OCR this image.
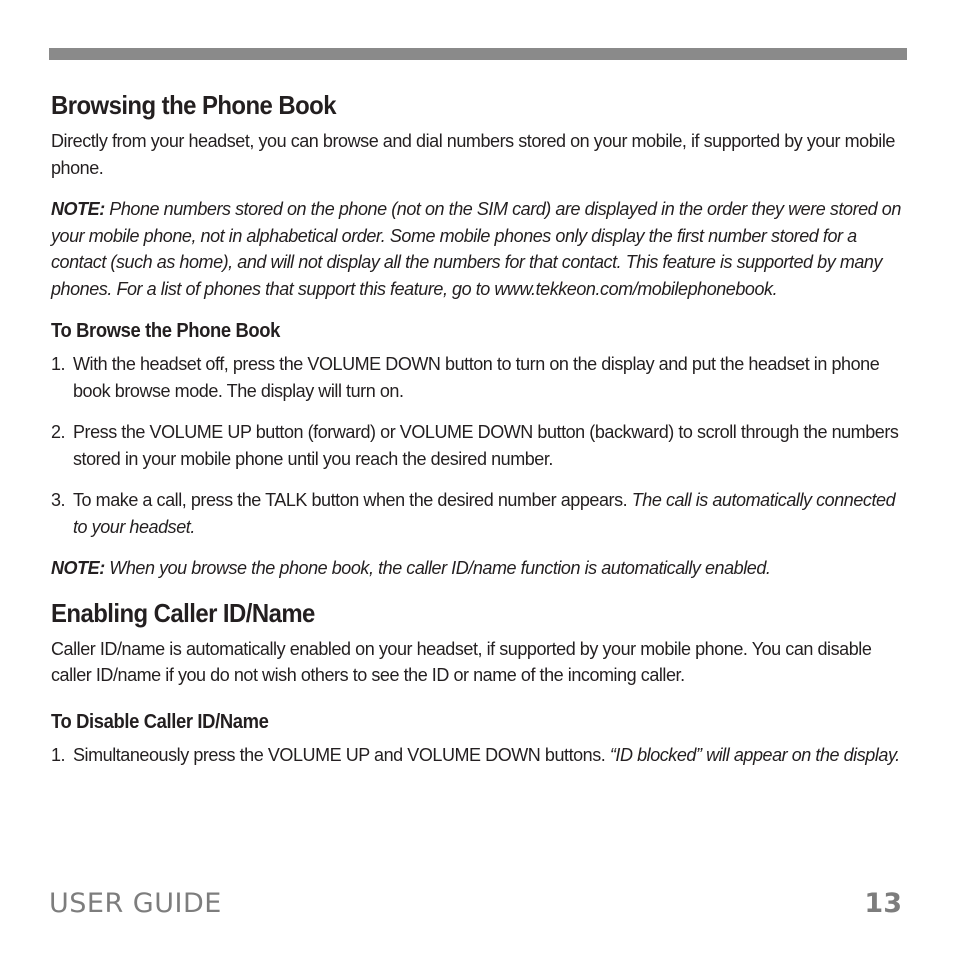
Browsing the Phone Book

Directly from your headset, you can browse and dial numbers stored on your mobile, if supported by your mobile phone.

NOTE: Phone numbers stored on the phone (not on the SIM card) are displayed in the order they were stored on your mobile phone, not in alphabetical order. Some mobile phones only display the first number stored for a contact (such as home), and will not display all the numbers for that contact. This feature is supported by many phones. For a list of phones that support this feature, go to www.tekkeon.com/mobilephonebook.

To Browse the Phone Book
1. With the headset off, press the VOLUME DOWN button to turn on the display and put the headset in phone book browse mode. The display will turn on.
2. Press the VOLUME UP button (forward) or VOLUME DOWN button (backward) to scroll through the numbers stored in your mobile phone until you reach the desired number.
3. To make a call, press the TALK button when the desired number appears. The call is automatically connected to your headset.

NOTE: When you browse the phone book, the caller ID/name function is automatically enabled.

Enabling Caller ID/Name

Caller ID/name is automatically enabled on your headset, if supported by your mobile phone. You can disable caller ID/name if you do not wish others to see the ID or name of the incoming caller.

To Disable Caller ID/Name
1. Simultaneously press the VOLUME UP and VOLUME DOWN buttons. “ID blocked” will appear on the display.
USER GUIDE	13
